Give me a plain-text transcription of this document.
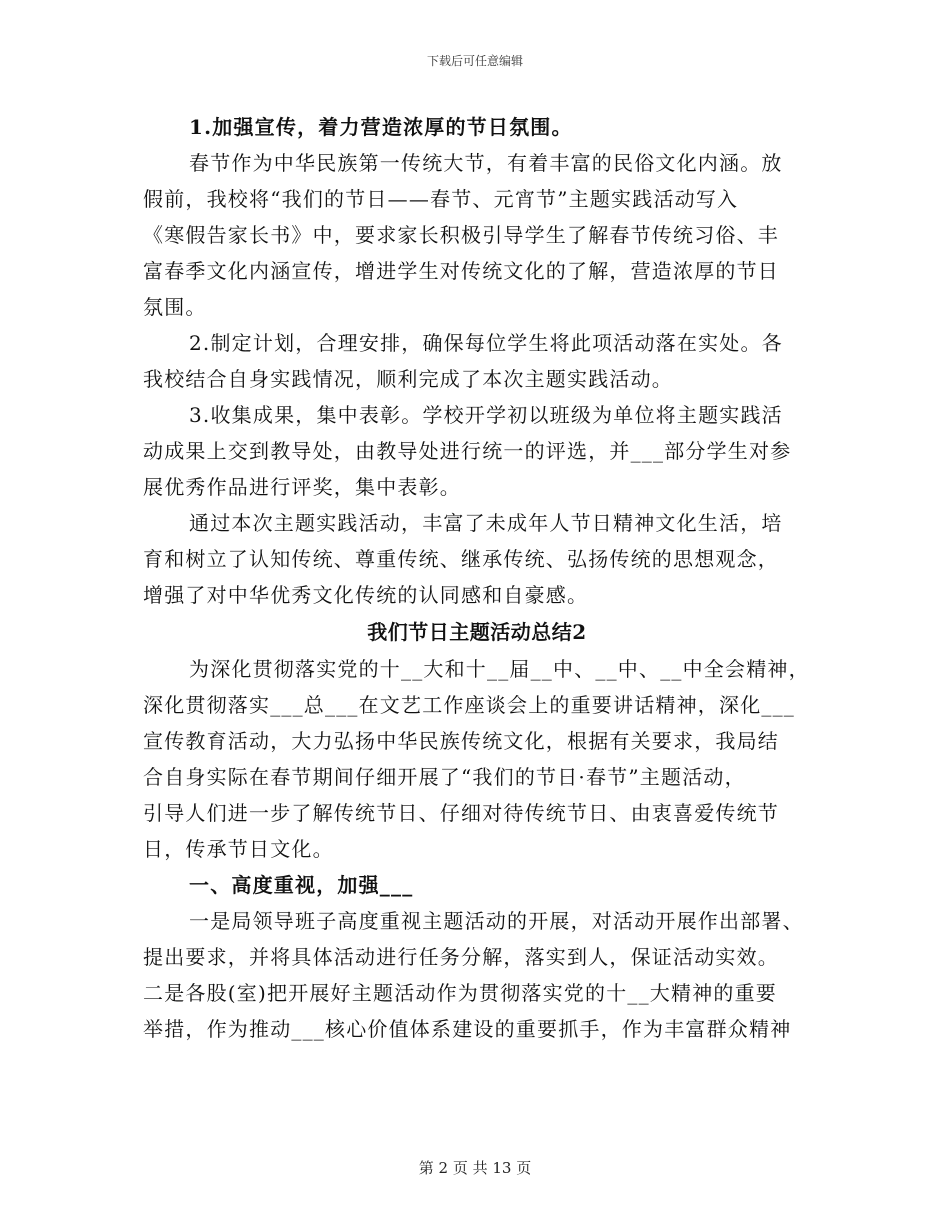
下载后可任意编辑
1.加强宣传，着力营造浓厚的节日氛围。
春节作为中华民族第一传统大节，有着丰富的民俗文化内涵。放
假前，我校将“我们的节日——春节、元宵节”主题实践活动写入
《寒假告家长书》中，要求家长积极引导学生了解春节传统习俗、丰
富春季文化内涵宣传，增进学生对传统文化的了解，营造浓厚的节日
氛围。
2.制定计划，合理安排，确保每位学生将此项活动落在实处。各
我校结合自身实践情况，顺利完成了本次主题实践活动。
3.收集成果，集中表彰。学校开学初以班级为单位将主题实践活
动成果上交到教导处，由教导处进行统一的评选，并___部分学生对参
展优秀作品进行评奖，集中表彰。
通过本次主题实践活动，丰富了未成年人节日精神文化生活，培
育和树立了认知传统、尊重传统、继承传统、弘扬传统的思想观念，
增强了对中华优秀文化传统的认同感和自豪感。
我们节日主题活动总结2
为深化贯彻落实党的十__大和十__届__中、__中、__中全会精神，
深化贯彻落实___总___在文艺工作座谈会上的重要讲话精神，深化___
宣传教育活动，大力弘扬中华民族传统文化，根据有关要求，我局结
合自身实际在春节期间仔细开展了“我们的节日·春节”主题活动，
引导人们进一步了解传统节日、仔细对待传统节日、由衷喜爱传统节
日，传承节日文化。
一、高度重视，加强___
一是局领导班子高度重视主题活动的开展，对活动开展作出部署、
提出要求，并将具体活动进行任务分解，落实到人，保证活动实效。
二是各股(室)把开展好主题活动作为贯彻落实党的十__大精神的重要
举措，作为推动___核心价值体系建设的重要抓手，作为丰富群众精神
第 2 页 共 13 页
